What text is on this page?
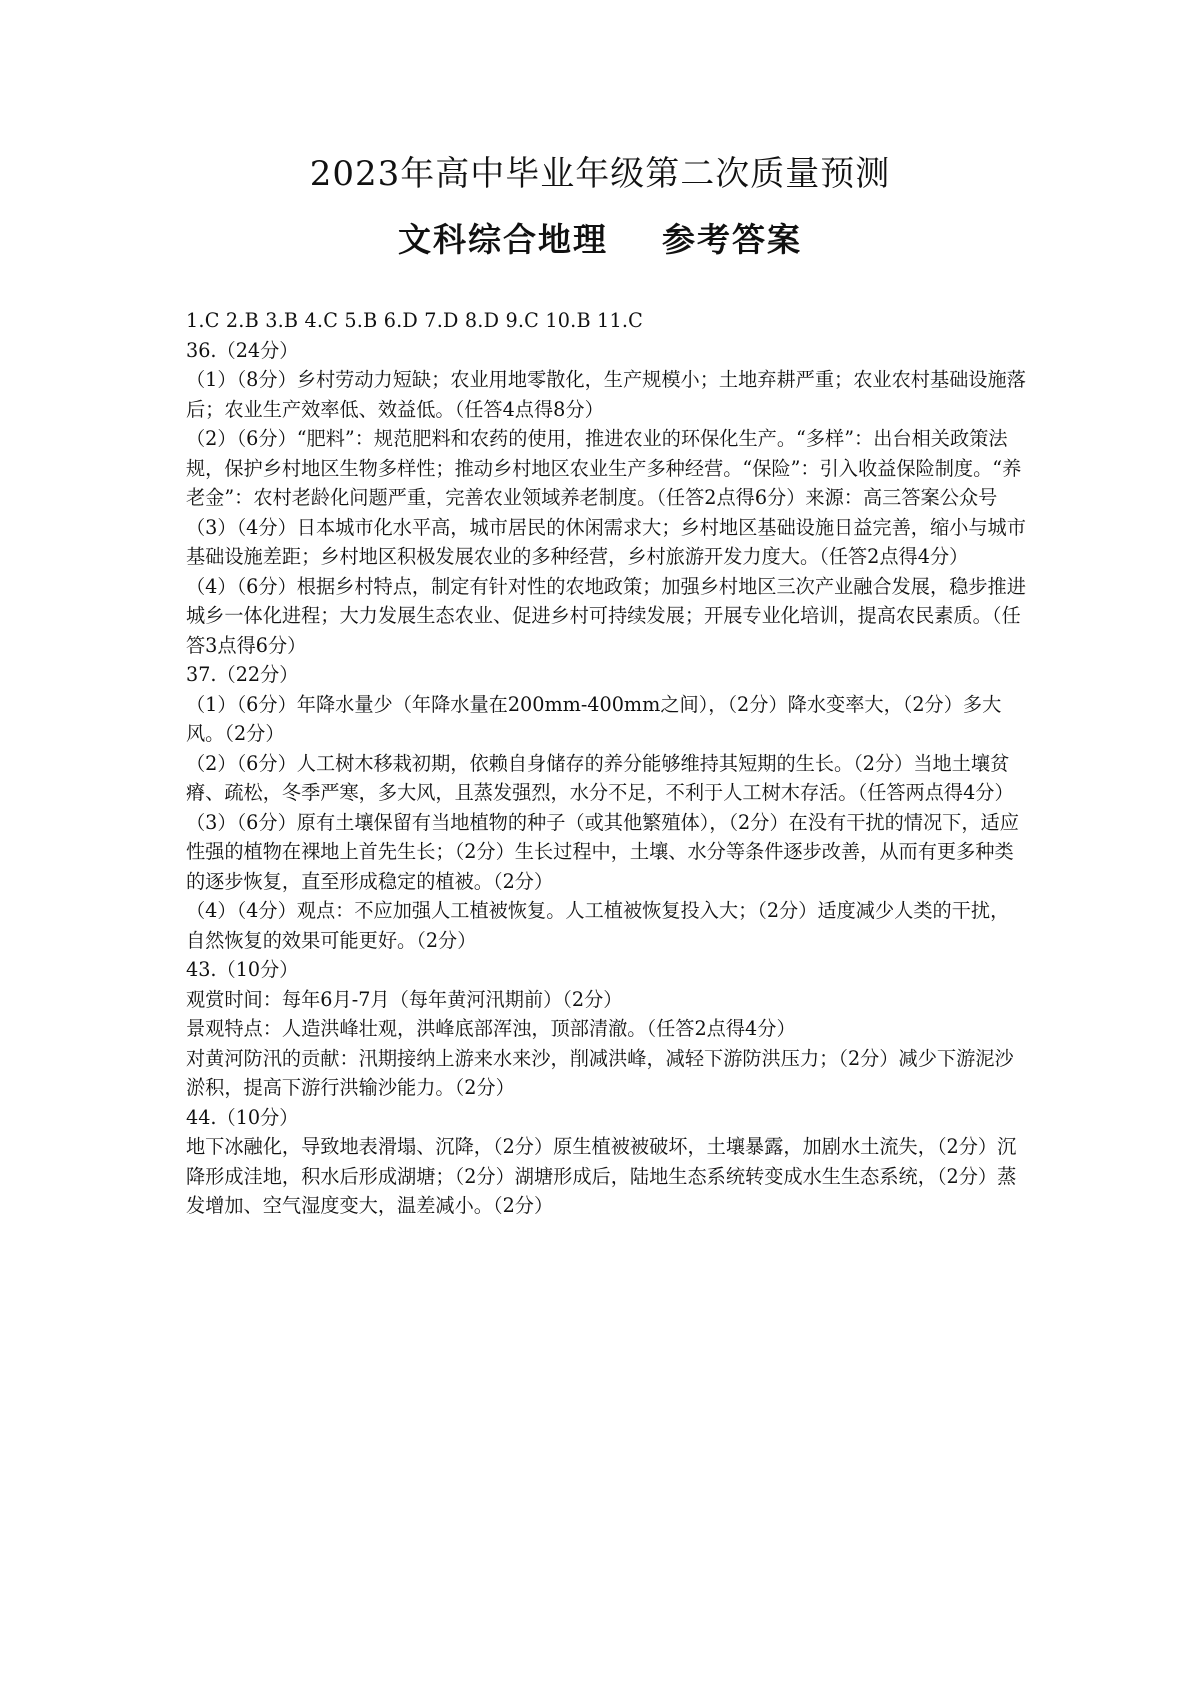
2023年高中毕业年级第二次质量预测
文科综合地理    参考答案

1.C 2.B 3.B 4.C 5.B 6.D 7.D 8.D 9.C 10.B 11.C

36.（24分）

（1）（8分）乡村劳动力短缺；农业用地零散化，生产规模小；土地弃耕严重；农业农村基础设施落后；农业生产效率低、效益低。（任答4点得8分）

（2）（6分）“肥料”：规范肥料和农药的使用，推进农业的环保化生产。“多样”：出台相关政策法规，保护乡村地区生物多样性；推动乡村地区农业生产多种经营。“保险”：引入收益保险制度。“养老金”：农村老龄化问题严重，完善农业领域养老制度。（任答2点得6分）来源：高三答案公众号

（3）（4分）日本城市化水平高，城市居民的休闲需求大；乡村地区基础设施日益完善，缩小与城市基础设施差距；乡村地区积极发展农业的多种经营，乡村旅游开发力度大。（任答2点得4分）

（4）（6分）根据乡村特点，制定有针对性的农地政策；加强乡村地区三次产业融合发展，稳步推进城乡一体化进程；大力发展生态农业、促进乡村可持续发展；开展专业化培训，提高农民素质。（任答3点得6分）

37.（22分）

（1）（6分）年降水量少（年降水量在200mm-400mm之间），（2分）降水变率大，（2分）多大风。（2分）

（2）（6分）人工树木移栽初期，依赖自身储存的养分能够维持其短期的生长。（2分）当地土壤贫瘠、疏松，冬季严寒，多大风，且蒸发强烈，水分不足，不利于人工树木存活。（任答两点得4分）

（3）（6分）原有土壤保留有当地植物的种子（或其他繁殖体），（2分）在没有干扰的情况下，适应性强的植物在裸地上首先生长；（2分）生长过程中，土壤、水分等条件逐步改善，从而有更多种类的逐步恢复，直至形成稳定的植被。（2分）

（4）（4分）观点：不应加强人工植被恢复。人工植被恢复投入大；（2分）适度减少人类的干扰，自然恢复的效果可能更好。（2分）

43.（10分）

观赏时间：每年6月-7月（每年黄河汛期前）（2分）

景观特点：人造洪峰壮观，洪峰底部浑浊，顶部清澈。（任答2点得4分）

对黄河防汛的贡献：汛期接纳上游来水来沙，削减洪峰，减轻下游防洪压力；（2分）减少下游泥沙淤积，提高下游行洪输沙能力。（2分）

44.（10分）

地下冰融化，导致地表滑塌、沉降，（2分）原生植被被破坏，土壤暴露，加剧水土流失，（2分）沉降形成洼地，积水后形成湖塘；（2分）湖塘形成后，陆地生态系统转变成水生生态系统，（2分）蒸发增加、空气湿度变大，温差减小。（2分）
